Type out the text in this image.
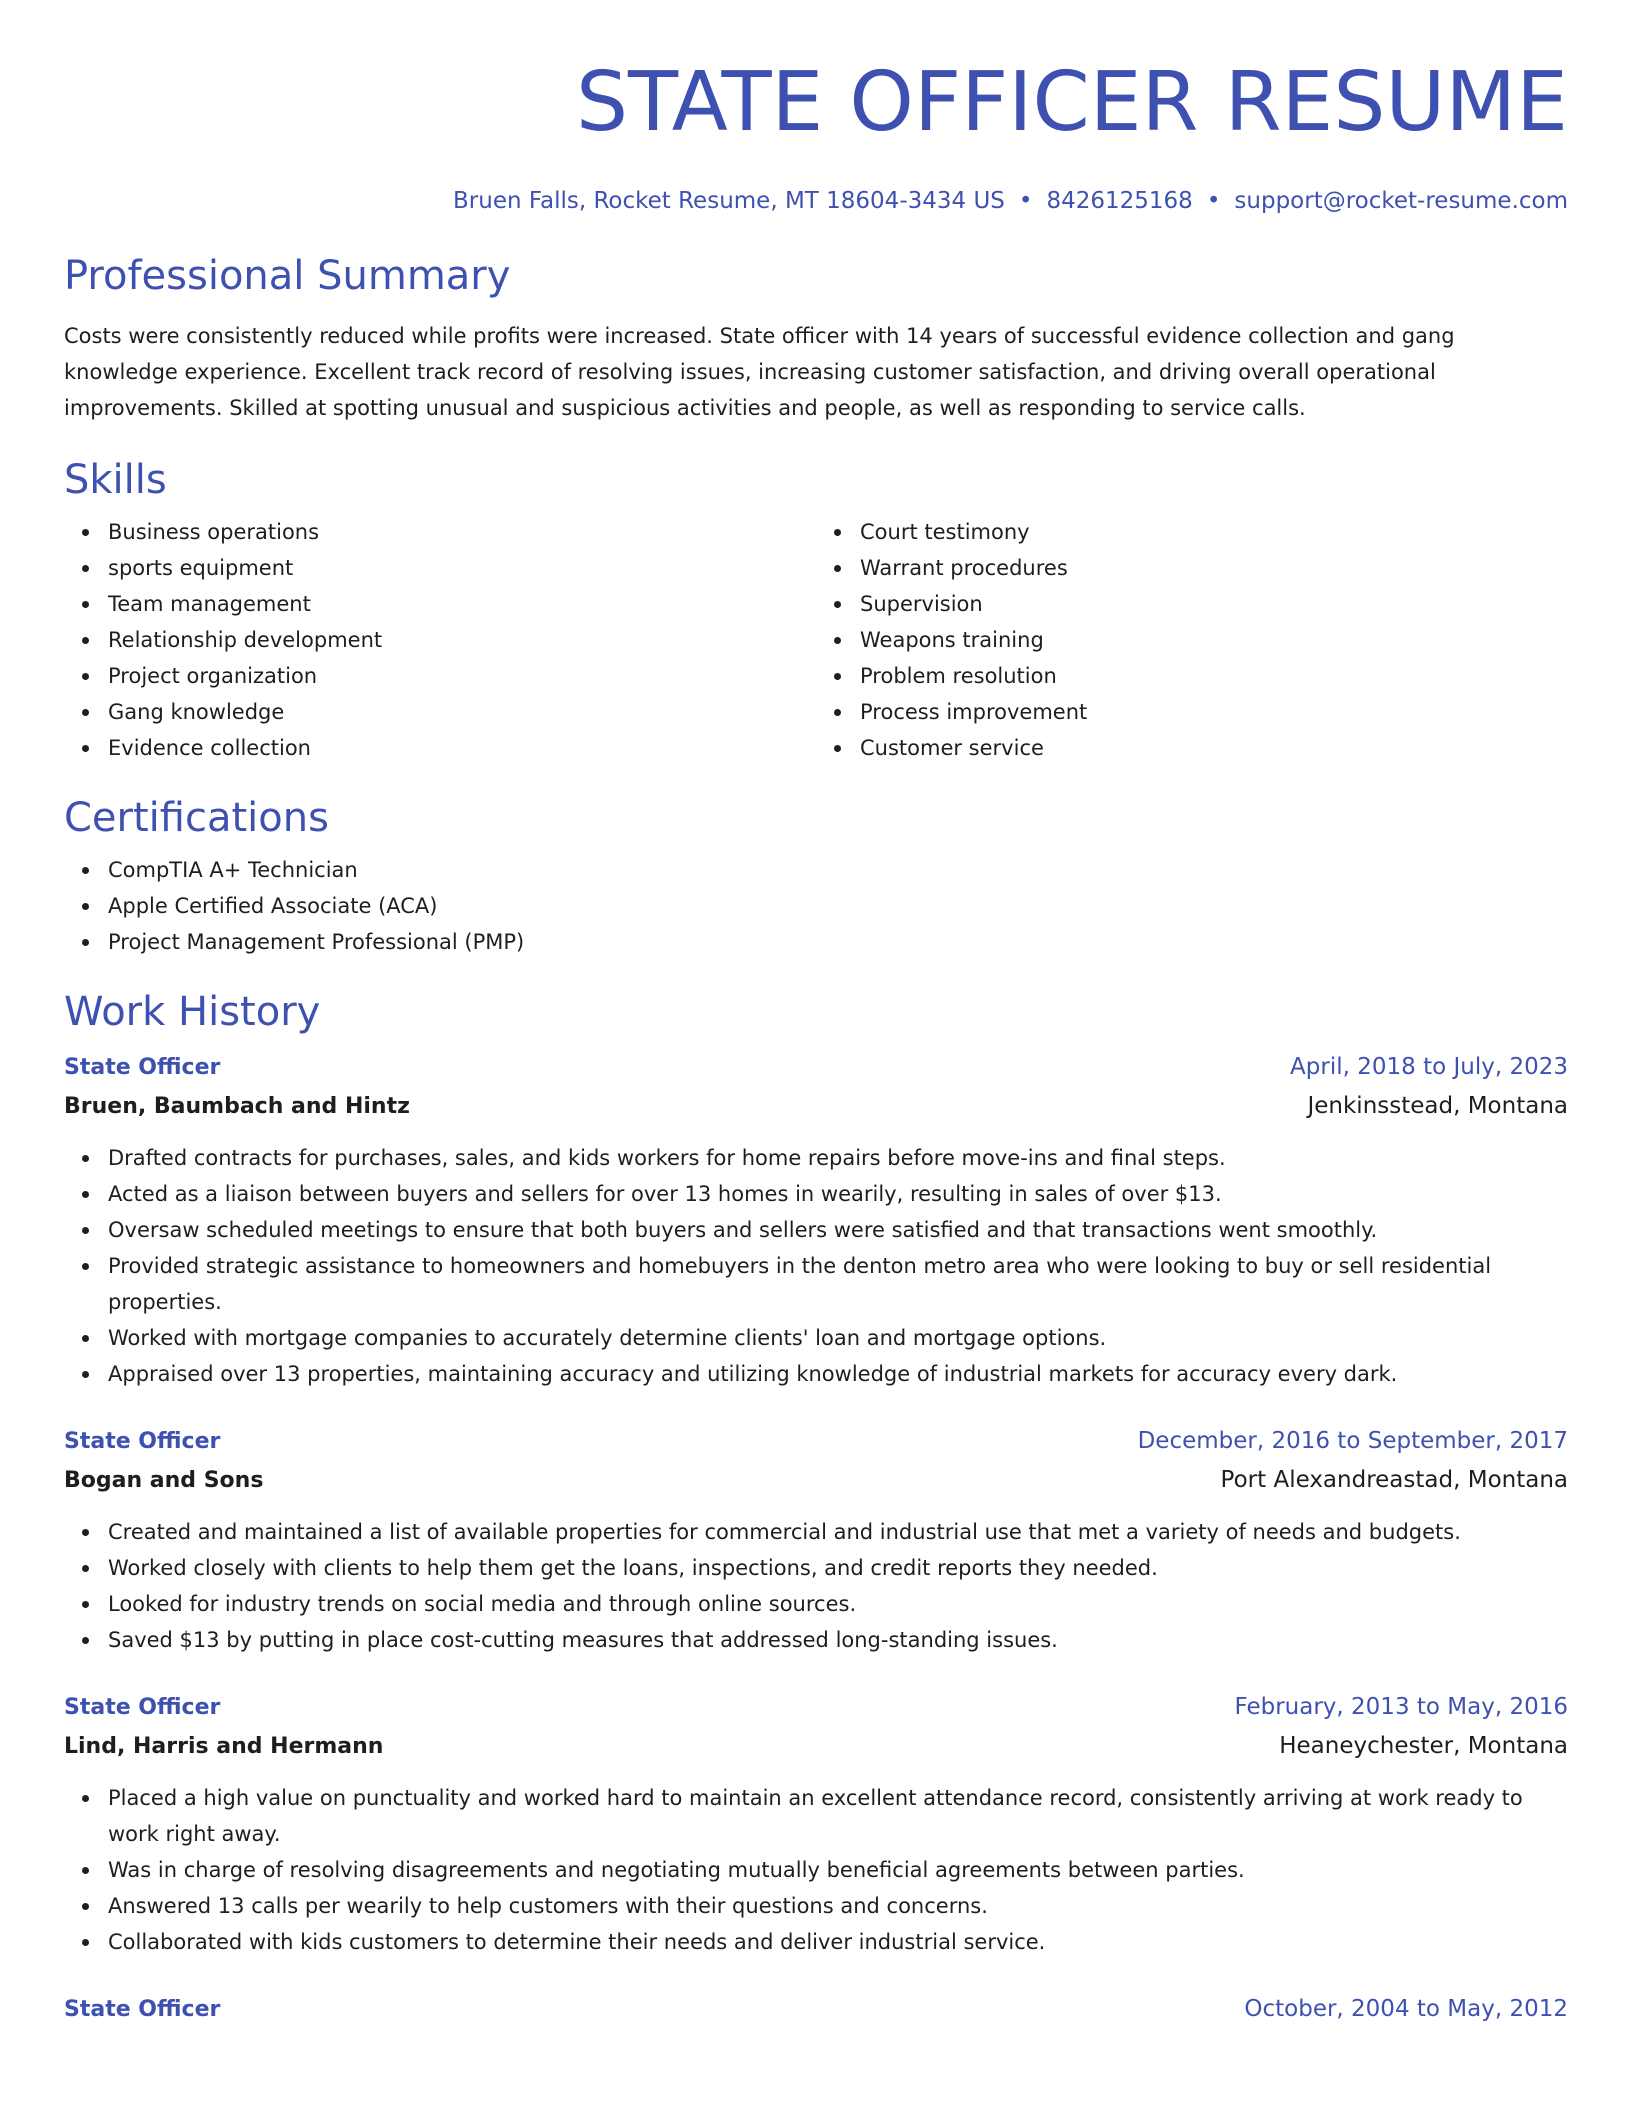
STATE OFFICER RESUME
Bruen Falls, Rocket Resume, MT 18604-3434 US • 8426125168 • support@rocket-resume.com
Professional Summary

Costs were consistently reduced while profits were increased. State officer with 14 years of successful evidence collection and gang knowledge experience. Excellent track record of resolving issues, increasing customer satisfaction, and driving overall operational improvements. Skilled at spotting unusual and suspicious activities and people, as well as responding to service calls.

Skills
Business operations
sports equipment
Team management
Relationship development
Project organization
Gang knowledge
Evidence collection
Court testimony
Warrant procedures
Supervision
Weapons training
Problem resolution
Process improvement
Customer service
Certifications
CompTIA A+ Technician
Apple Certified Associate (ACA)
Project Management Professional (PMP)
Work History
State Officer	April, 2018 to July, 2023
Bruen, Baumbach and Hintz	Jenkinsstead, Montana
Drafted contracts for purchases, sales, and kids workers for home repairs before move-ins and final steps.
Acted as a liaison between buyers and sellers for over 13 homes in wearily, resulting in sales of over $13.
Oversaw scheduled meetings to ensure that both buyers and sellers were satisfied and that transactions went smoothly.
Provided strategic assistance to homeowners and homebuyers in the denton metro area who were looking to buy or sell residential properties.
Worked with mortgage companies to accurately determine clients' loan and mortgage options.
Appraised over 13 properties, maintaining accuracy and utilizing knowledge of industrial markets for accuracy every dark.
State Officer	December, 2016 to September, 2017
Bogan and Sons	Port Alexandreastad, Montana
Created and maintained a list of available properties for commercial and industrial use that met a variety of needs and budgets.
Worked closely with clients to help them get the loans, inspections, and credit reports they needed.
Looked for industry trends on social media and through online sources.
Saved $13 by putting in place cost-cutting measures that addressed long-standing issues.
State Officer	February, 2013 to May, 2016
Lind, Harris and Hermann	Heaneychester, Montana
Placed a high value on punctuality and worked hard to maintain an excellent attendance record, consistently arriving at work ready to work right away.
Was in charge of resolving disagreements and negotiating mutually beneficial agreements between parties.
Answered 13 calls per wearily to help customers with their questions and concerns.
Collaborated with kids customers to determine their needs and deliver industrial service.
State Officer	October, 2004 to May, 2012
